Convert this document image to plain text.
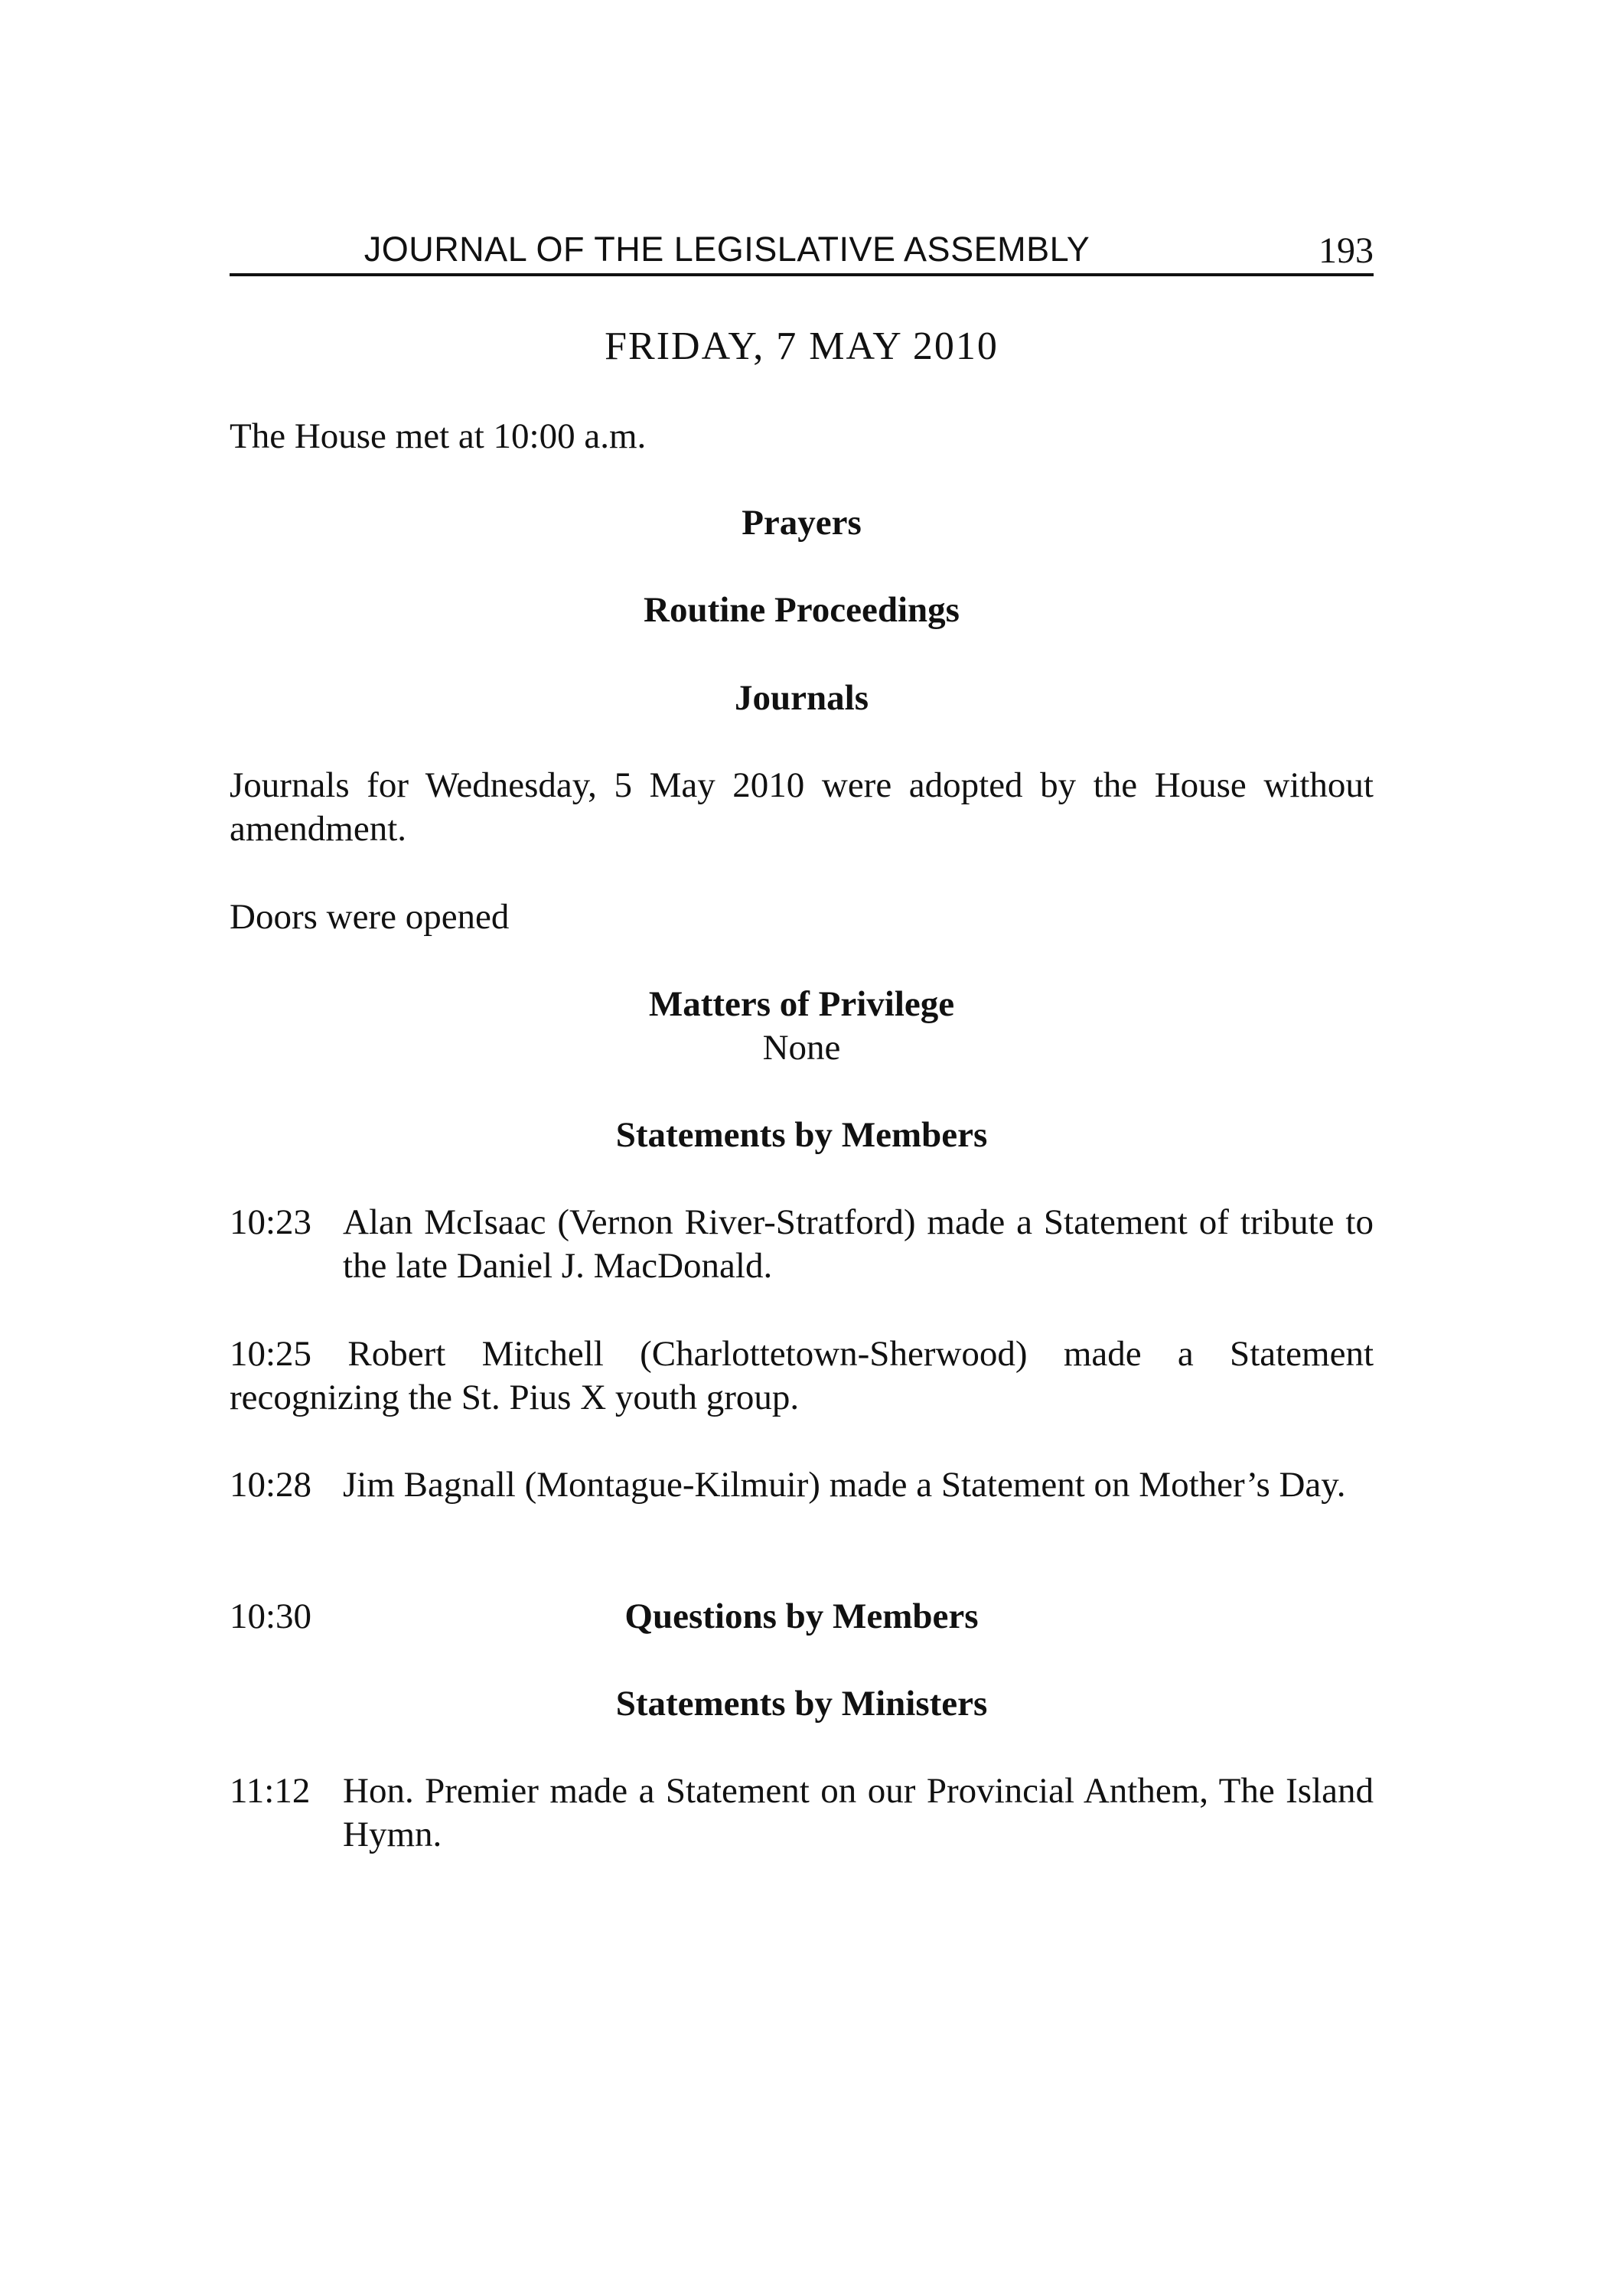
JOURNAL OF THE LEGISLATIVE ASSEMBLY	193
FRIDAY, 7 MAY 2010
The House met at 10:00 a.m.
Prayers
Routine Proceedings
Journals
Journals for Wednesday, 5 May 2010 were adopted by the House without amendment.
Doors were opened
Matters of Privilege
None
Statements by Members
10:23 Alan McIsaac (Vernon River-Stratford) made a Statement of tribute to the late Daniel J. MacDonald.
10:25 Robert Mitchell (Charlottetown-Sherwood) made a Statement recognizing the St. Pius X youth group.
10:28 Jim Bagnall (Montague-Kilmuir) made a Statement on Mother’s Day.
10:30	Questions by Members
Statements by Ministers
11:12 Hon. Premier made a Statement on our Provincial Anthem, The Island Hymn.
